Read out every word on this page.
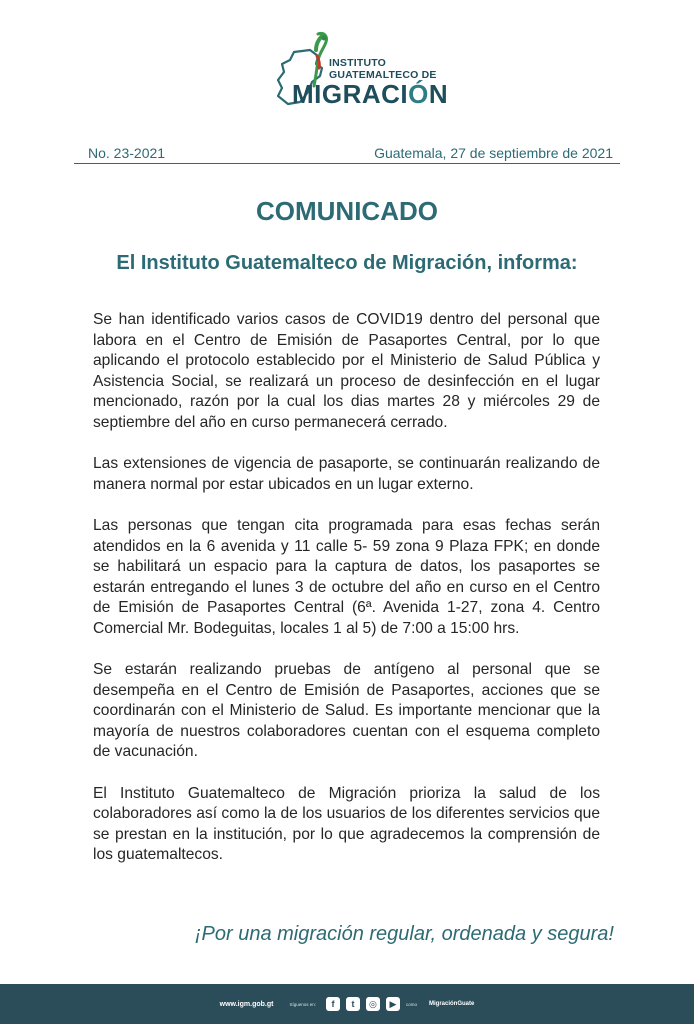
INSTITUTO
GUATEMALTECO DE
MIGRACIÓN
No. 23-2021	Guatemala, 27 de septiembre de 2021
COMUNICADO
El Instituto Guatemalteco de Migración, informa:

Se han identificado varios casos de COVID19 dentro del personal que labora en el Centro de Emisión de Pasaportes Central, por lo que aplicando el protocolo establecido por el Ministerio de Salud Pública y Asistencia Social, se realizará un proceso de desinfección en el lugar mencionado, razón por la cual los dias martes 28 y miércoles 29 de septiembre del año en curso permanecerá cerrado.

Las extensiones de vigencia de pasaporte, se continuarán realizando de manera normal por estar ubicados en un lugar externo.

Las personas que tengan cita programada para esas fechas serán atendidos en la 6 avenida y 11 calle 5- 59 zona 9 Plaza FPK; en donde se habilitará un espacio para la captura de datos, los pasaportes se estarán entregando el lunes 3 de octubre del año en curso en el Centro de Emisión de Pasaportes Central (6ª. Avenida 1-27, zona 4. Centro Comercial Mr. Bodeguitas, locales 1 al 5) de 7:00 a 15:00 hrs.

Se estarán realizando pruebas de antígeno al personal que se desempeña en el Centro de Emisión de Pasaportes, acciones que se coordinarán con el Ministerio de Salud. Es importante mencionar que la mayoría de nuestros colaboradores cuentan con el esquema completo de vacunación.

El Instituto Guatemalteco de Migración prioriza la salud de los colaboradores así como la de los usuarios de los diferentes servicios que se prestan en la institución, por lo que agradecemos la comprensión de los guatemaltecos.

¡Por una migración regular, ordenada y segura!
www.igm.gob.gt	Síguenos en: f t ◎ ▶ como MigraciónGuate
